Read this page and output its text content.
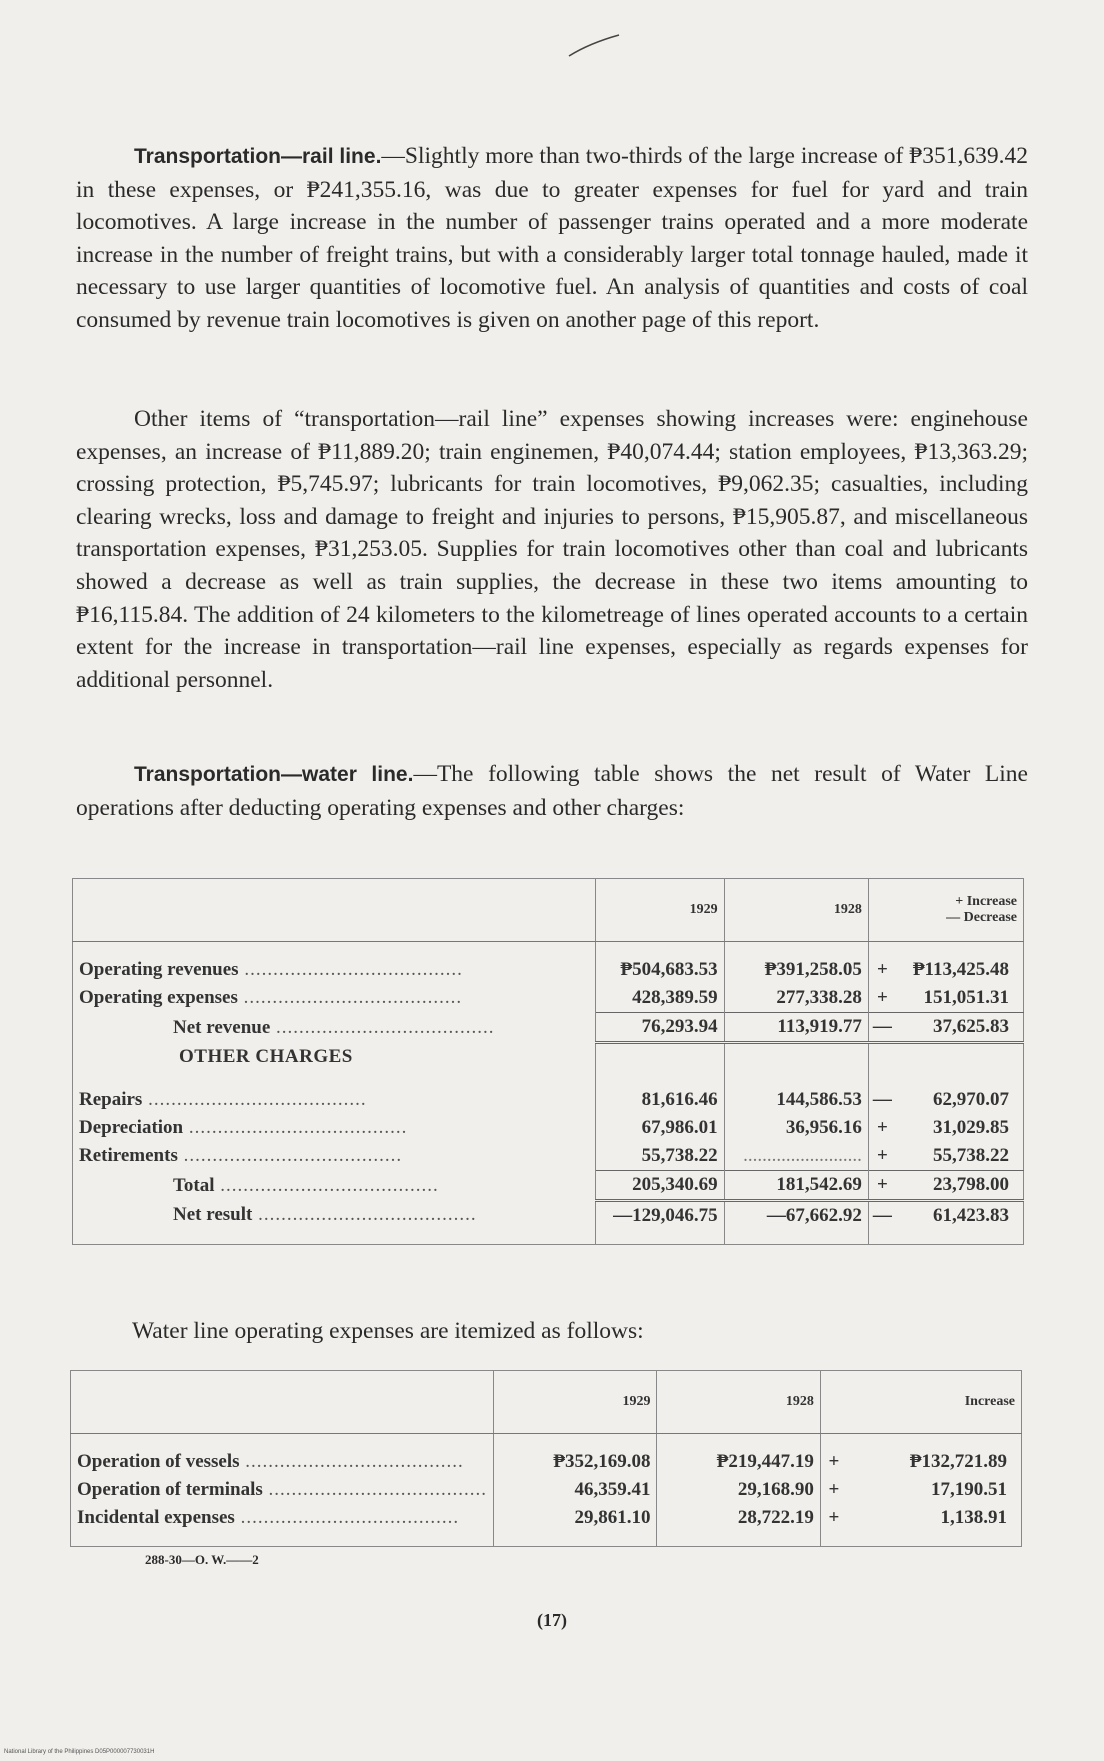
Transportation—rail line.—Slightly more than two-thirds of the large increase of ₱351,639.42 in these expenses, or ₱241,355.16, was due to greater expenses for fuel for yard and train locomotives. A large increase in the number of passenger trains operated and a more moderate increase in the number of freight trains, but with a considerably larger total tonnage hauled, made it necessary to use larger quantities of locomotive fuel. An analysis of quantities and costs of coal consumed by revenue train locomotives is given on another page of this report.

Other items of “transportation—rail line” expenses showing increases were: enginehouse expenses, an increase of ₱11,889.20; train enginemen, ₱40,074.44; station employees, ₱13,363.29; crossing protection, ₱5,745.97; lubricants for train locomotives, ₱9,062.35; casualties, including clearing wrecks, loss and damage to freight and injuries to persons, ₱15,905.87, and miscellaneous transportation expenses, ₱31,253.05. Supplies for train locomotives other than coal and lubricants showed a decrease as well as train supplies, the decrease in these two items amounting to ₱16,115.84. The addition of 24 kilometers to the kilometreage of lines operated accounts to a certain extent for the increase in transportation—rail line expenses, especially as regards expenses for additional personnel.

Transportation—water line.—The following table shows the net result of Water Line operations after deducting operating expenses and other charges:

	1929	1928	+ Increase
— Decrease	

Operating revenues .....	₱504,683.53	₱391,258.05	+	₱113,425.48
Operating expenses .....	428,389.59	277,338.28	+	151,051.31
Net revenue .....	76,293.94	113,919.77	—	37,625.83
OTHER CHARGES				

Repairs .....	81,616.46	144,586.53	—	62,970.07
Depreciation .....	67,986.01	36,956.16	+	31,029.85
Retirements .....	55,738.22	.........................	+	55,738.22
Total .....	205,340.69	181,542.69	+	23,798.00
Net result .....	—129,046.75	—67,662.92	—	61,423.83

Water line operating expenses are itemized as follows:
	1929	1928	Increase	

Operation of vessels .....	₱352,169.08	₱219,447.19	+	₱132,721.89
Operation of terminals .....	46,359.41	29,168.90	+	17,190.51
Incidental expenses .....	29,861.10	28,722.19	+	1,138.91

288-30—O. W.——2
(17)
National Library of the Philippines D05P000007730031H
